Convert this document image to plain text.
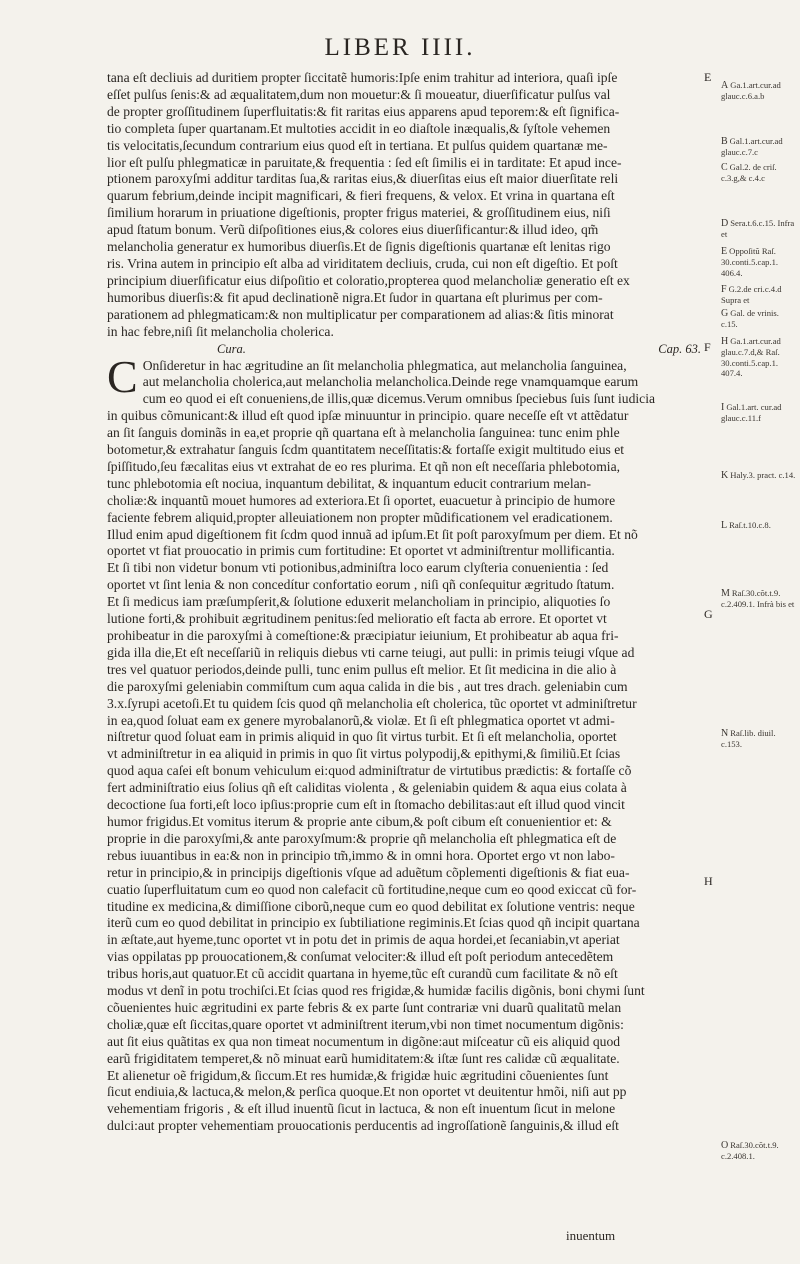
LIBER IIII.

tana eſt decliuis ad duritiem propter ſiccitatẽ humoris:Ipſe enim trahitur ad interiora, quaſi ipſe
eſſet pulſus ſenis:& ad æqualitatem,dum non mouetur:& ſi moueatur, diuerſificatur pulſus val
de propter groſſitudinem ſuperfluitatis:& fit raritas eius apparens apud teporem:& eſt ſignifica-
tio completa ſuper quartanam.Et multoties accidit in eo diaſtole inæqualis,& ſyſtole vehemen
tis velocitatis,ſecundum contrarium eius quod eſt in tertiana. Et pulſus quidem quartanæ me-
lior eſt pulſu phlegmaticæ in paruitate,& frequentia : ſed eſt ſimilis ei in tarditate: Et apud ince-
ptionem paroxyſmi additur tarditas ſua,& raritas eius,& diuerſitas eius eſt maior diuerſitate reli
quarum febrium,deinde incipit magnificari, & fieri frequens, & velox. Et vrina in quartana eſt
ſimilium horarum in priuatione digeſtionis, propter frigus materiei, & groſſitudinem eius, niſi
apud ſtatum bonum. Verũ diſpoſitiones eius,& colores eius diuerſificantur:& illud ideo, qm̃
melancholia generatur ex humoribus diuerſis.Et de ſignis digeſtionis quartanæ eſt lenitas rigo
ris. Vrina autem in principio eſt alba ad viriditatem decliuis, cruda, cui non eſt digeſtio. Et poſt
principium diuerſificatur eius diſpoſitio et coloratio,propterea quod melancholiæ generatio eſt ex
humoribus diuerſis:& fit apud declinationẽ nigra.Et ſudor in quartana eſt plurimus per com-
parationem ad phlegmaticam:& non multiplicatur per comparationem ad alias:& ſitis minorat
in hac febre,niſi ſit melancholia cholerica.

Cura.	Cap. 63.

C Onſideretur in hac ægritudine an ſit melancholia phlegmatica, aut melancholia ſanguinea,
aut melancholia cholerica,aut melancholia melancholica.Deinde rege vnamquamque earum
cum eo quod ei eſt conueniens,de illis,quæ dicemus.Verum omnibus ſpeciebus ſuis ſunt iudicia
in quibus cõmunicant:& illud eſt quod ipſæ minuuntur in principio. quare neceſſe eſt vt attẽdatur
an ſit ſanguis dominãs in ea,et proprie qñ quartana eſt à melancholia ſanguinea: tunc enim phle
botometur,& extrahatur ſanguis ſcdm quantitatem neceſſitatis:& fortaſſe exigit multitudo eius et
ſpiſſitudo,ſeu fæcalitas eius vt extrahat de eo res plurima. Et qñ non eſt neceſſaria phlebotomia,
tunc phlebotomia eſt nociua, inquantum debilitat, & inquantum educit contrarium melan-
choliæ:& inquantũ mouet humores ad exteriora.Et ſi oportet, euacuetur à principio de humore
faciente febrem aliquid,propter alleuiationem non propter mũdificationem vel eradicationem.
Illud enim apud digeſtionem fit ſcdm quod innuã ad ipſum.Et ſit poſt paroxyſmum per diem. Et nõ
oportet vt fiat prouocatio in primis cum fortitudine: Et oportet vt adminiſtrentur mollificantia.
Et ſi tibi non videtur bonum vti potionibus,adminiſtra loco earum clyſteria conuenientia : ſed
oportet vt ſint lenia & non concedítur confortatio eorum , niſi qñ conſequitur ægritudo ſtatum.
Et ſi medicus iam præſumpſerit,& ſolutione eduxerit melancholiam in principio, aliquoties ſo
lutione forti,& prohibuit ægritudinem penitus:ſed melioratio eſt facta ab errore. Et oportet vt
prohibeatur in die paroxyſmi à comeſtione:& præcipiatur ieiunium, Et prohibeatur ab aqua fri-
gida illa die,Et eſt neceſſariũ in reliquis diebus vti carne teiugi, aut pulli: in primis teiugi vſque ad
tres vel quatuor periodos,deinde pulli, tunc enim pullus eſt melior. Et ſit medicina in die alio à
die paroxyſmi geleniabin commiſtum cum aqua calida in die bis , aut tres drach. geleniabin cum
3.x.ſyrupi acetoſi.Et tu quidem ſcis quod qñ melancholia eſt cholerica, tũc oportet vt adminiſtretur
in ea,quod ſoluat eam ex genere myrobalanorũ,& violæ. Et ſi eſt phlegmatica oportet vt admi-
niſtretur quod ſoluat eam in primis aliquid in quo ſit virtus turbit. Et ſi eſt melancholia, oportet
vt adminiſtretur in ea aliquid in primis in quo ſit virtus polypodij,& epithymi,& ſimiliũ.Et ſcias
quod aqua caſei eſt bonum vehiculum ei:quod adminiſtratur de virtutibus prædictis: & fortaſſe cõ
fert adminiſtratio eius ſolius qñ eſt caliditas violenta , & geleniabin quidem & aqua eius colata à
decoctione ſua forti,eſt loco ipſius:proprie cum eſt in ſtomacho debilitas:aut eſt illud quod vincit
humor frigidus.Et vomitus iterum & proprie ante cibum,& poſt cibum eſt conuenientior et: &
proprie in die paroxyſmi,& ante paroxyſmum:& proprie qñ melancholia eſt phlegmatica eſt de
rebus iuuantibus in ea:& non in principio tm̃,immo & in omni hora. Oportet ergo vt non labo-
retur in principio,& in principijs digeſtionis vſque ad aduẽtum cõplementi digeſtionis & fiat eua-
cuatio ſuperfluitatum cum eo quod non calefacit cũ fortitudine,neque cum eo qood exiccat cũ for-
titudine ex medicina,& dimiſſione ciborũ,neque cum eo quod debilitat ex ſolutione ventris: neque
iterũ cum eo quod debilitat in principio ex ſubtiliatione regiminis.Et ſcias quod qñ incipit quartana
in æſtate,aut hyeme,tunc oportet vt in potu det in primis de aqua hordei,et ſecaniabin,vt aperiat
vias oppilatas pp prouocationem,& conſumat velociter:& illud eſt poſt periodum antecedẽtem
tribus horis,aut quatuor.Et cũ accidit quartana in hyeme,tũc eſt curandũ cum facilitate & nõ eſt
modus vt denĩ in potu trochiſci.Et ſcias quod res frigidæ,& humidæ facilis digõnis, boni chymi ſunt
cõuenientes huic ægritudini ex parte febris & ex parte ſunt contrariæ vni duarũ qualitatũ melan
choliæ,quæ eſt ſiccitas,quare oportet vt adminiſtrent iterum,vbi non timet nocumentum digõnis:
aut ſit eius quãtitas ex qua non timeat nocumentum in digõne:aut miſceatur cũ eis aliquid quod
earũ frigiditatem temperet,& nõ minuat earũ humiditatem:& iſtæ ſunt res calidæ cũ æqualitate.
Et alienetur oẽ frigidum,& ſiccum.Et res humidæ,& frigidæ huic ægritudini cõuenientes ſunt
ſicut endiuia,& lactuca,& melon,& perſica quoque.Et non oportet vt deuitentur hmõi, niſi aut pp
vehementiam frigoris , & eſt illud inuentũ ſicut in lactuca, & non eſt inuentum ſicut in melone
dulci:aut propter vehementiam prouocationis perducentis ad ingroſſationẽ ſanguinis,& illud eſt

E
F
G
H
A Ga.1.art.cur.ad glauc.c.6.a.b
B Gal.1.art.cur.ad glauc.c.7.c
C Gal.2. de criſ. c.3.g,& c.4.c
D Sera.t.6.c.15. Infra et
E Oppoſitũ Raſ. 30.conti.5.cap.1. 406.4.
F G.2.de cri.c.4.d Supra et
G Gal. de vrinis. c.15.
H Ga.1.art.cur.ad glau.c.7.d,& Raſ. 30.conti.5.cap.1. 407.4.
I Gal.1.art. cur.ad glauc.c.11.f
K Haly.3. pract. c.14.
L Raſ.t.10.c.8.
M Raſ.30.cõt.t.9. c.2.409.1. Infrà bis et
N Raſ.lib. diuil. c.153.
O Raſ.30.cõt.t.9. c.2.408.1.
inuentum
